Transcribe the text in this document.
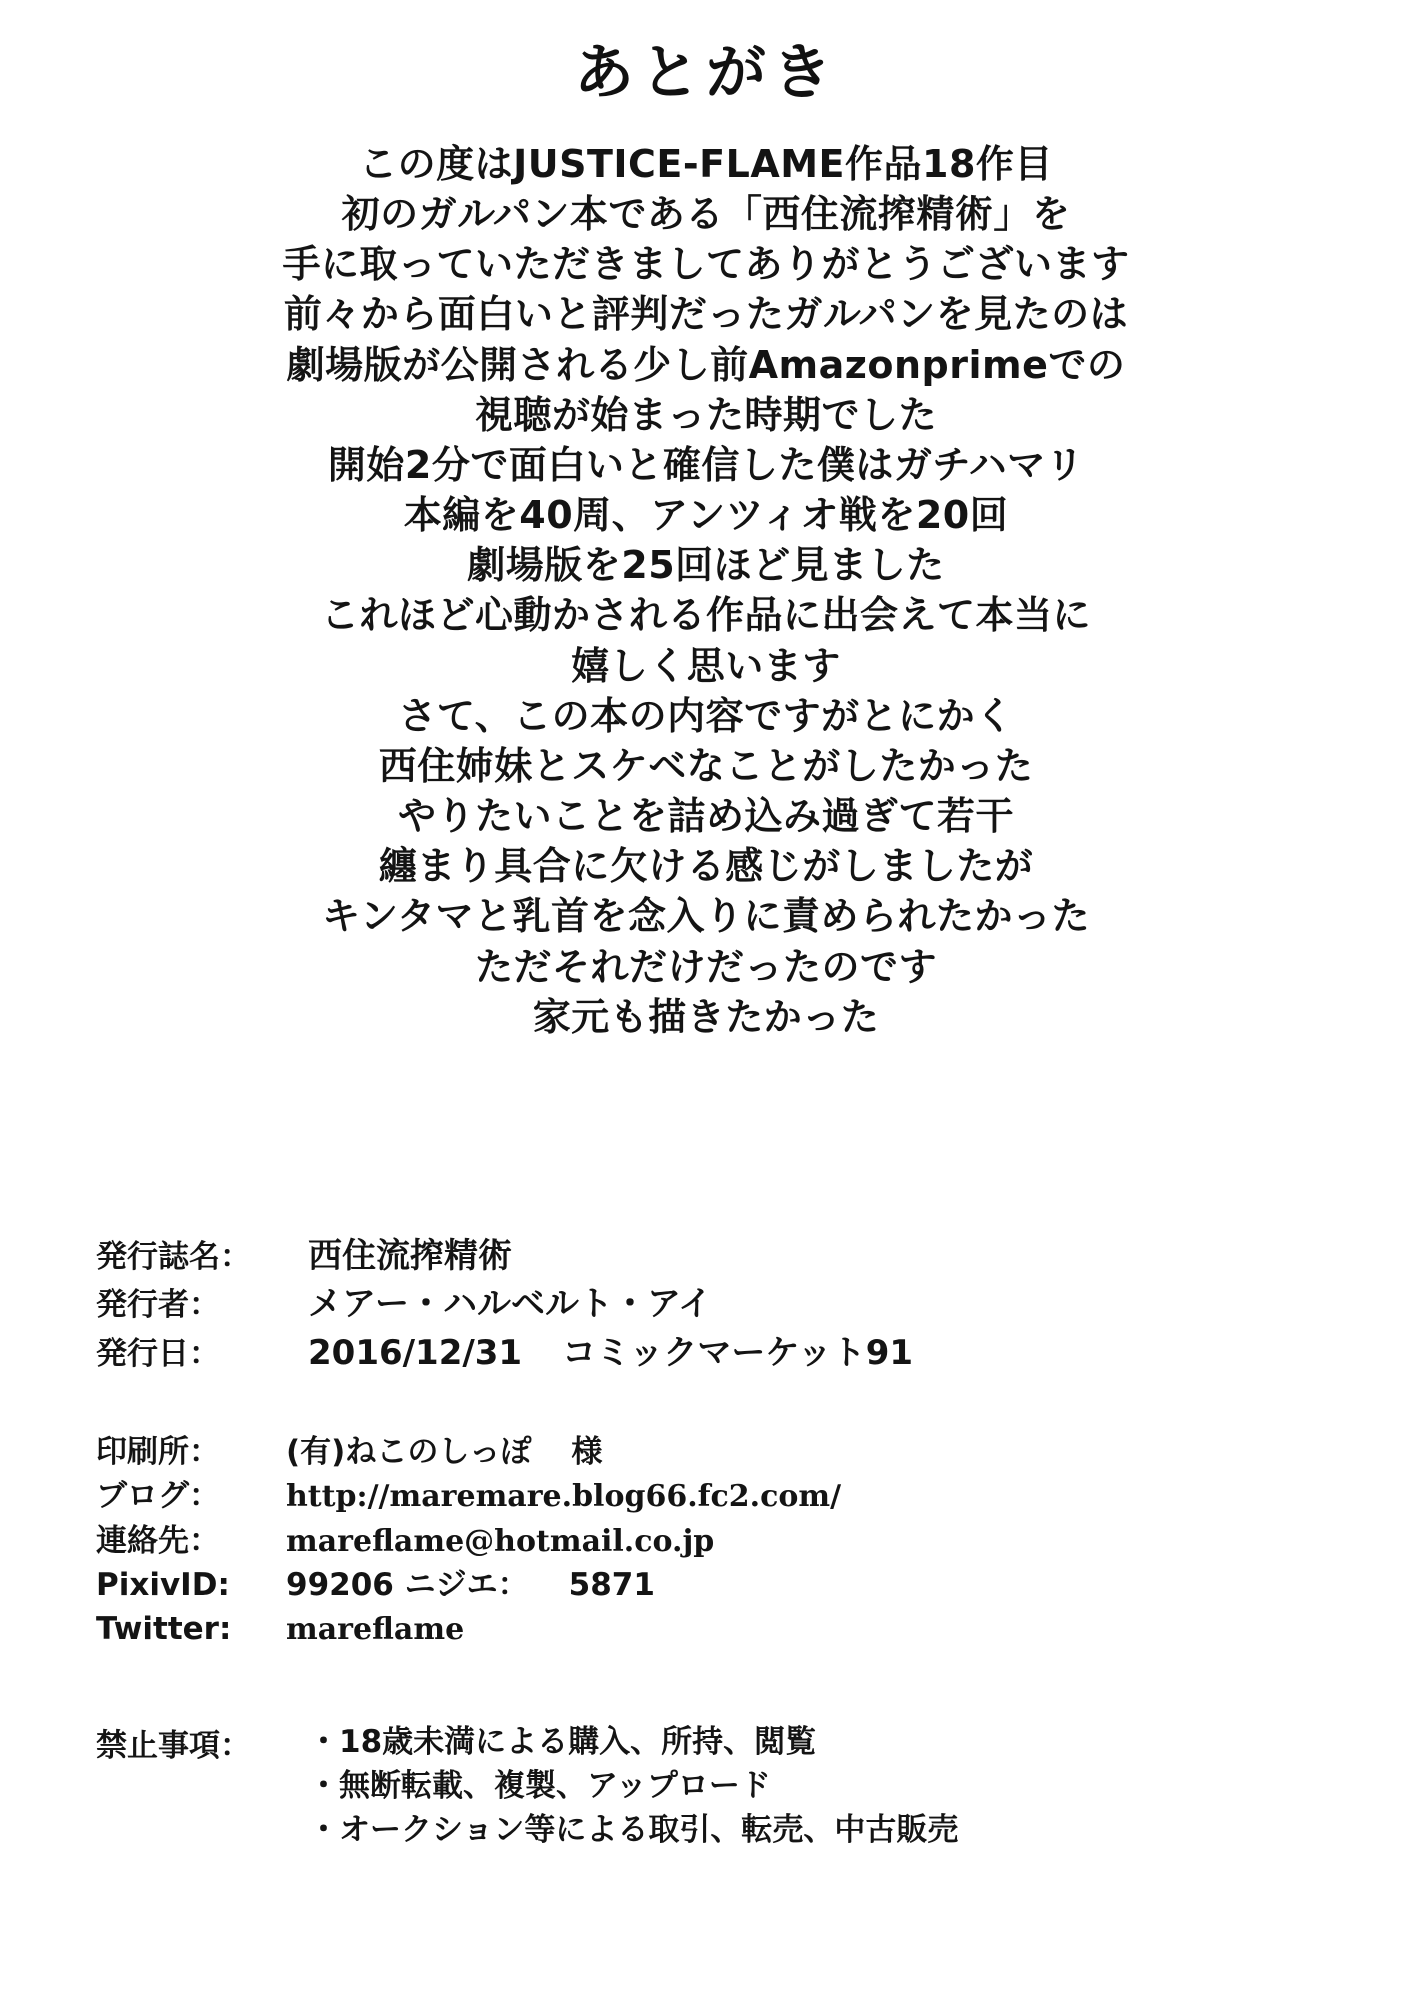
あとがき
この度はJUSTICE-FLAME作品18作目
初のガルパン本である「西住流搾精術」を
手に取っていただきましてありがとうございます
前々から面白いと評判だったガルパンを見たのは
劇場版が公開される少し前Amazonprimeでの
視聴が始まった時期でした
開始2分で面白いと確信した僕はガチハマリ
本編を40周、アンツィオ戦を20回
劇場版を25回ほど見ました
これほど心動かされる作品に出会えて本当に
嬉しく思います
さて、この本の内容ですがとにかく
西住姉妹とスケベなことがしたかった
やりたいことを詰め込み過ぎて若干
纏まり具合に欠ける感じがしましたが
キンタマと乳首を念入りに責められたかった
ただそれだけだったのです
家元も描きたかった
発行誌名：	西住流搾精術
発行者：	メアー・ハルベルト・アイ
発行日：	2016/12/31 コミックマーケット91
印刷所：	(有)ねこのしっぽ 様
ブログ：	http://maremare.blog66.fc2.com/
連絡先：	mareflame@hotmail.co.jp
PixivID:	99206 ニジエ： 5871
Twitter:	mareflame
禁止事項：	・18歳未満による購入、所持、閲覧
・無断転載、複製、アップロード
・オークション等による取引、転売、中古販売
